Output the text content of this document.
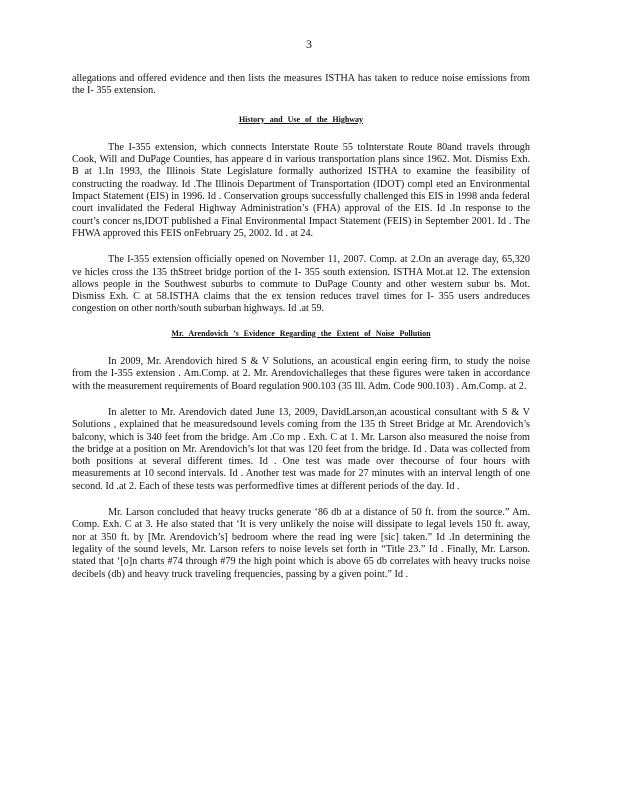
3

allegations and offered evidence and then lists the measures ISTHA has taken to reduce noise emissions from the I- 355 extension.

History and Use of the Highway

The I-355 extension, which connects Interstate Route 55 toInterstate Route 80and travels through Cook, Will and DuPage Counties, has appeare d in various transportation plans since 1962. Mot. Dismiss Exh. B at 1.In 1993, the Illinois State Legislature formally authorized ISTHA to examine the feasibility of constructing the roadway. Id .The Illinois Department of Transportation (IDOT) compl eted an Environmental Impact Statement (EIS) in 1996. Id . Conservation groups successfully challenged this EIS in 1998 anda federal court invalidated the Federal Highway Administration’s (FHA) approval of the EIS. Id .In response to the court’s concer ns,IDOT published a Final Environmental Impact Statement (FEIS) in September 2001. Id . The FHWA approved this FEIS onFebruary 25, 2002. Id . at 24.

The I-355 extension officially opened on November 11, 2007. Comp. at 2.On an average day, 65,320 ve hicles cross the 135 thStreet bridge portion of the I- 355 south extension. ISTHA Mot.at 12. The extension allows people in the Southwest suburbs to commute to DuPage County and other western subur bs. Mot. Dismiss Exh. C at 58.ISTHA claims that the ex tension reduces travel times for I- 355 users andreduces congestion on other north/south suburban highways. Id .at 59.

Mr. Arendovich ’s Evidence Regarding the Extent of Noise Pollution

In 2009, Mr. Arendovich hired S & V Solutions, an acoustical engin eering firm, to study the noise from the I-355 extension . Am.Comp. at 2. Mr. Arendovichalleges that these figures were taken in accordance with the measurement requirements of Board regulation 900.103 (35 Ill. Adm. Code 900.103) . Am.Comp. at 2.

In aletter to Mr. Arendovich dated June 13, 2009, DavidLarson,an acoustical consultant with S & V Solutions , explained that he measuredsound levels coming from the 135 th Street Bridge at Mr. Arendovich’s balcony, which is 340 feet from the bridge. Am .Co mp . Exh. C at 1. Mr. Larson also measured the noise from the bridge at a position on Mr. Arendovich’s lot that was 120 feet from the bridge. Id . Data was collected from both positions at several different times. Id . One test was made over thecourse of four hours with measurements at 10 second intervals. Id . Another test was made for 27 minutes with an interval length of one second. Id .at 2. Each of these tests was performedfive times at different periods of the day. Id .

Mr. Larson concluded that heavy trucks generate ‘86 db at a distance of 50 ft. from the source.” Am. Comp. Exh. C at 3. He also stated that ‘It is very unlikely the noise will dissipate to legal levels 150 ft. away, nor at 350 ft. by [Mr. Arendovich’s] bedroom where the read ing were [sic] taken.” Id .In determining the legality of the sound levels, Mr. Larson refers to noise levels set forth in “Title 23.” Id . Finally, Mr. Larson. stated that ‘[o]n charts #74 through #79 the high point which is above 65 db correlates with heavy trucks noise decibels (db) and heavy truck traveling frequencies, passing by a given point.” Id .
